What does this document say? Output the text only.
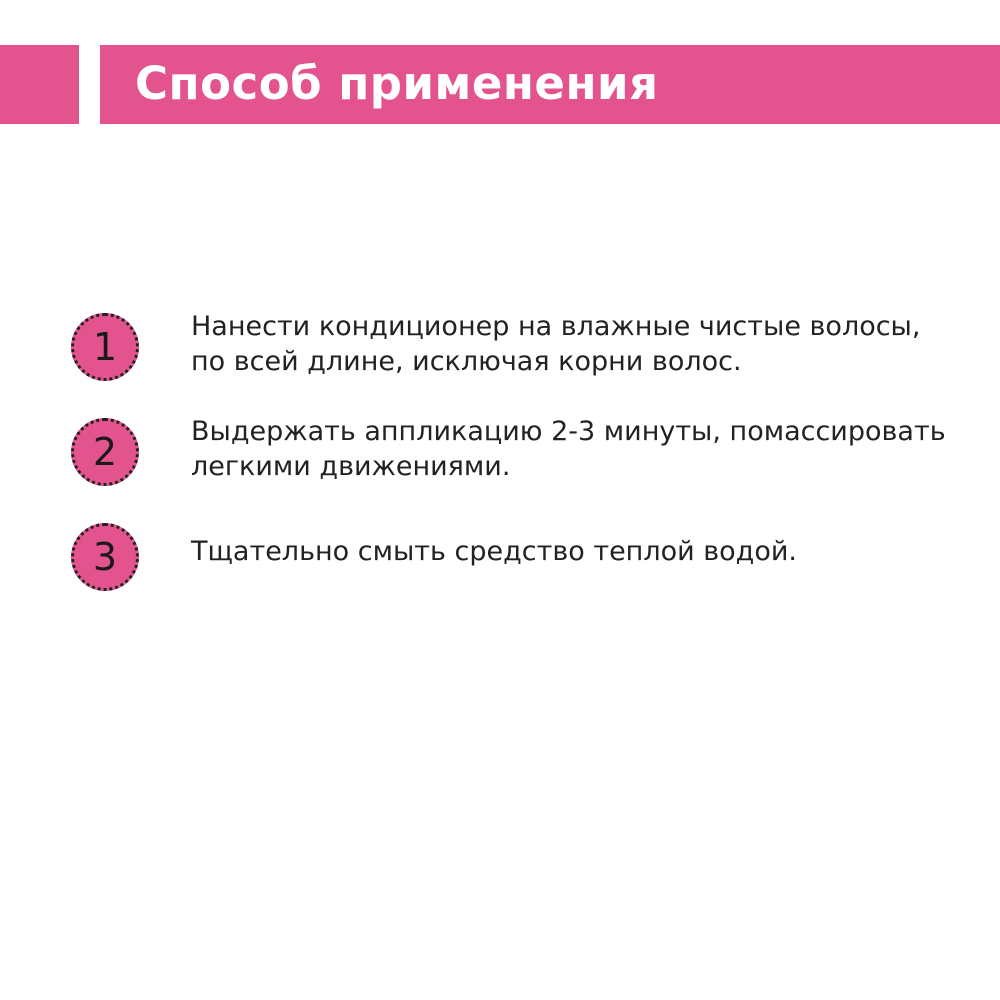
Способ применения
1	Нанести кондиционер на влажные чистые волосы,
по всей длине, исключая корни волос.
2	Выдержать аппликацию 2-3 минуты, помассировать
легкими движениями.
3	Тщательно смыть средство теплой водой.
